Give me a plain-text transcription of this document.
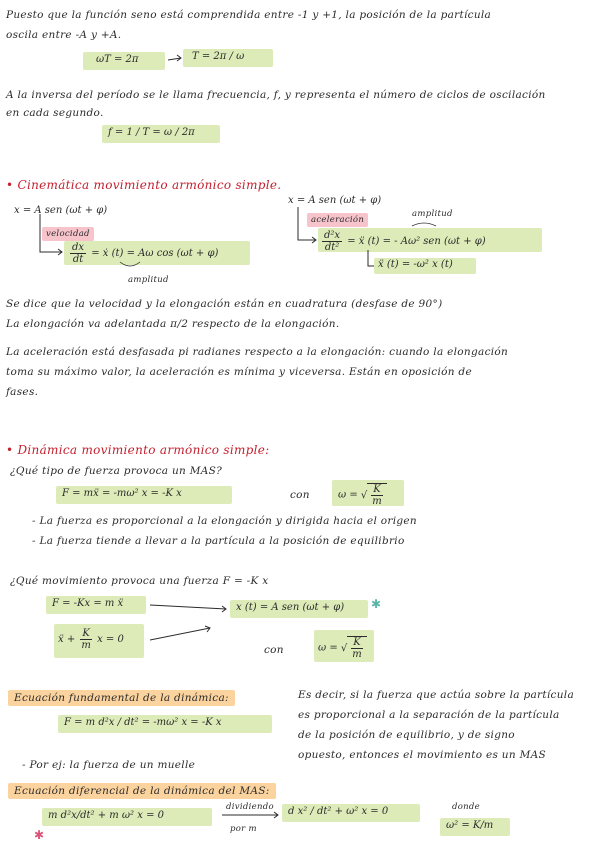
Puesto que la función seno está comprendida entre -1 y +1, la posición de la partícula
oscila entre -A y +A.
ωT = 2π	T = 2π / ω
A la inversa del período se le llama frecuencia, f, y representa el número de ciclos de oscilación
en cada segundo.
f = 1 / T = ω / 2π
• Cinemática movimiento armónico simple.
x = A sen (ωt + φ)
x = A sen (ωt + φ)
velocidad
$\frac{dx}{dt}$ = ẋ (t) = Aω cos (ωt + φ)
amplitud
aceleración
amplitud
$\frac{\text{d²x}}{\text{dt²}}$ = ẍ (t) = - Aω² sen (ωt + φ)
ẍ (t) = -ω² x (t)
Se dice que la velocidad y la elongación están en cuadratura (desfase de 90°)
La elongación va adelantada π/2 respecto de la elongación.
La aceleración está desfasada pi radianes respecto a la elongación: cuando la elongación
toma su máximo valor, la aceleración es mínima y viceversa. Están en oposición de
fases.
• Dinámica movimiento armónico simple:
¿Qué tipo de fuerza provoca un MAS?
F = mẍ = -mω² x = -K x	con	ω = √ $\frac{K}{m}$
- La fuerza es proporcional a la elongación y dirigida hacia el origen
- La fuerza tiende a llevar a la partícula a la posición de equilibrio
¿Qué movimiento provoca una fuerza F = -K x
F = -Kx = m ẍ	x (t) = A sen (ωt + φ) ✱
ẍ + $\frac{K}{m}$ x = 0
con	ω = √ $\frac{K}{m}$
Ecuación fundamental de la dinámica:
F = m d²x / dt² = -mω² x = -K x
Es decir, si la fuerza que actúa sobre la partícula
es proporcional a la separación de la partícula
de la posición de equilibrio, y de signo
opuesto, entonces el movimiento es un MAS
- Por ej: la fuerza de un muelle
Ecuación diferencial de la dinámica del MAS:
m d²x/dt² + m ω² x = 0
dividiendo
por m
d x² / dt² + ω² x = 0	donde
ω² = K/m
✱
